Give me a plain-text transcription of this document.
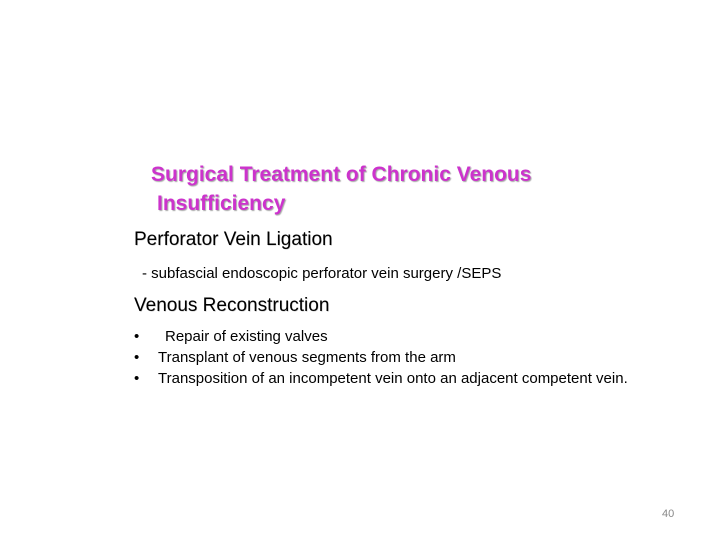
Surgical Treatment of Chronic Venous
Insufficiency
Perforator Vein Ligation
- subfascial endoscopic perforator vein surgery /SEPS
Venous Reconstruction
• Repair of existing valves
• Transplant of venous segments from the arm
• Transposition of an incompetent vein onto an adjacent competent vein.
40
